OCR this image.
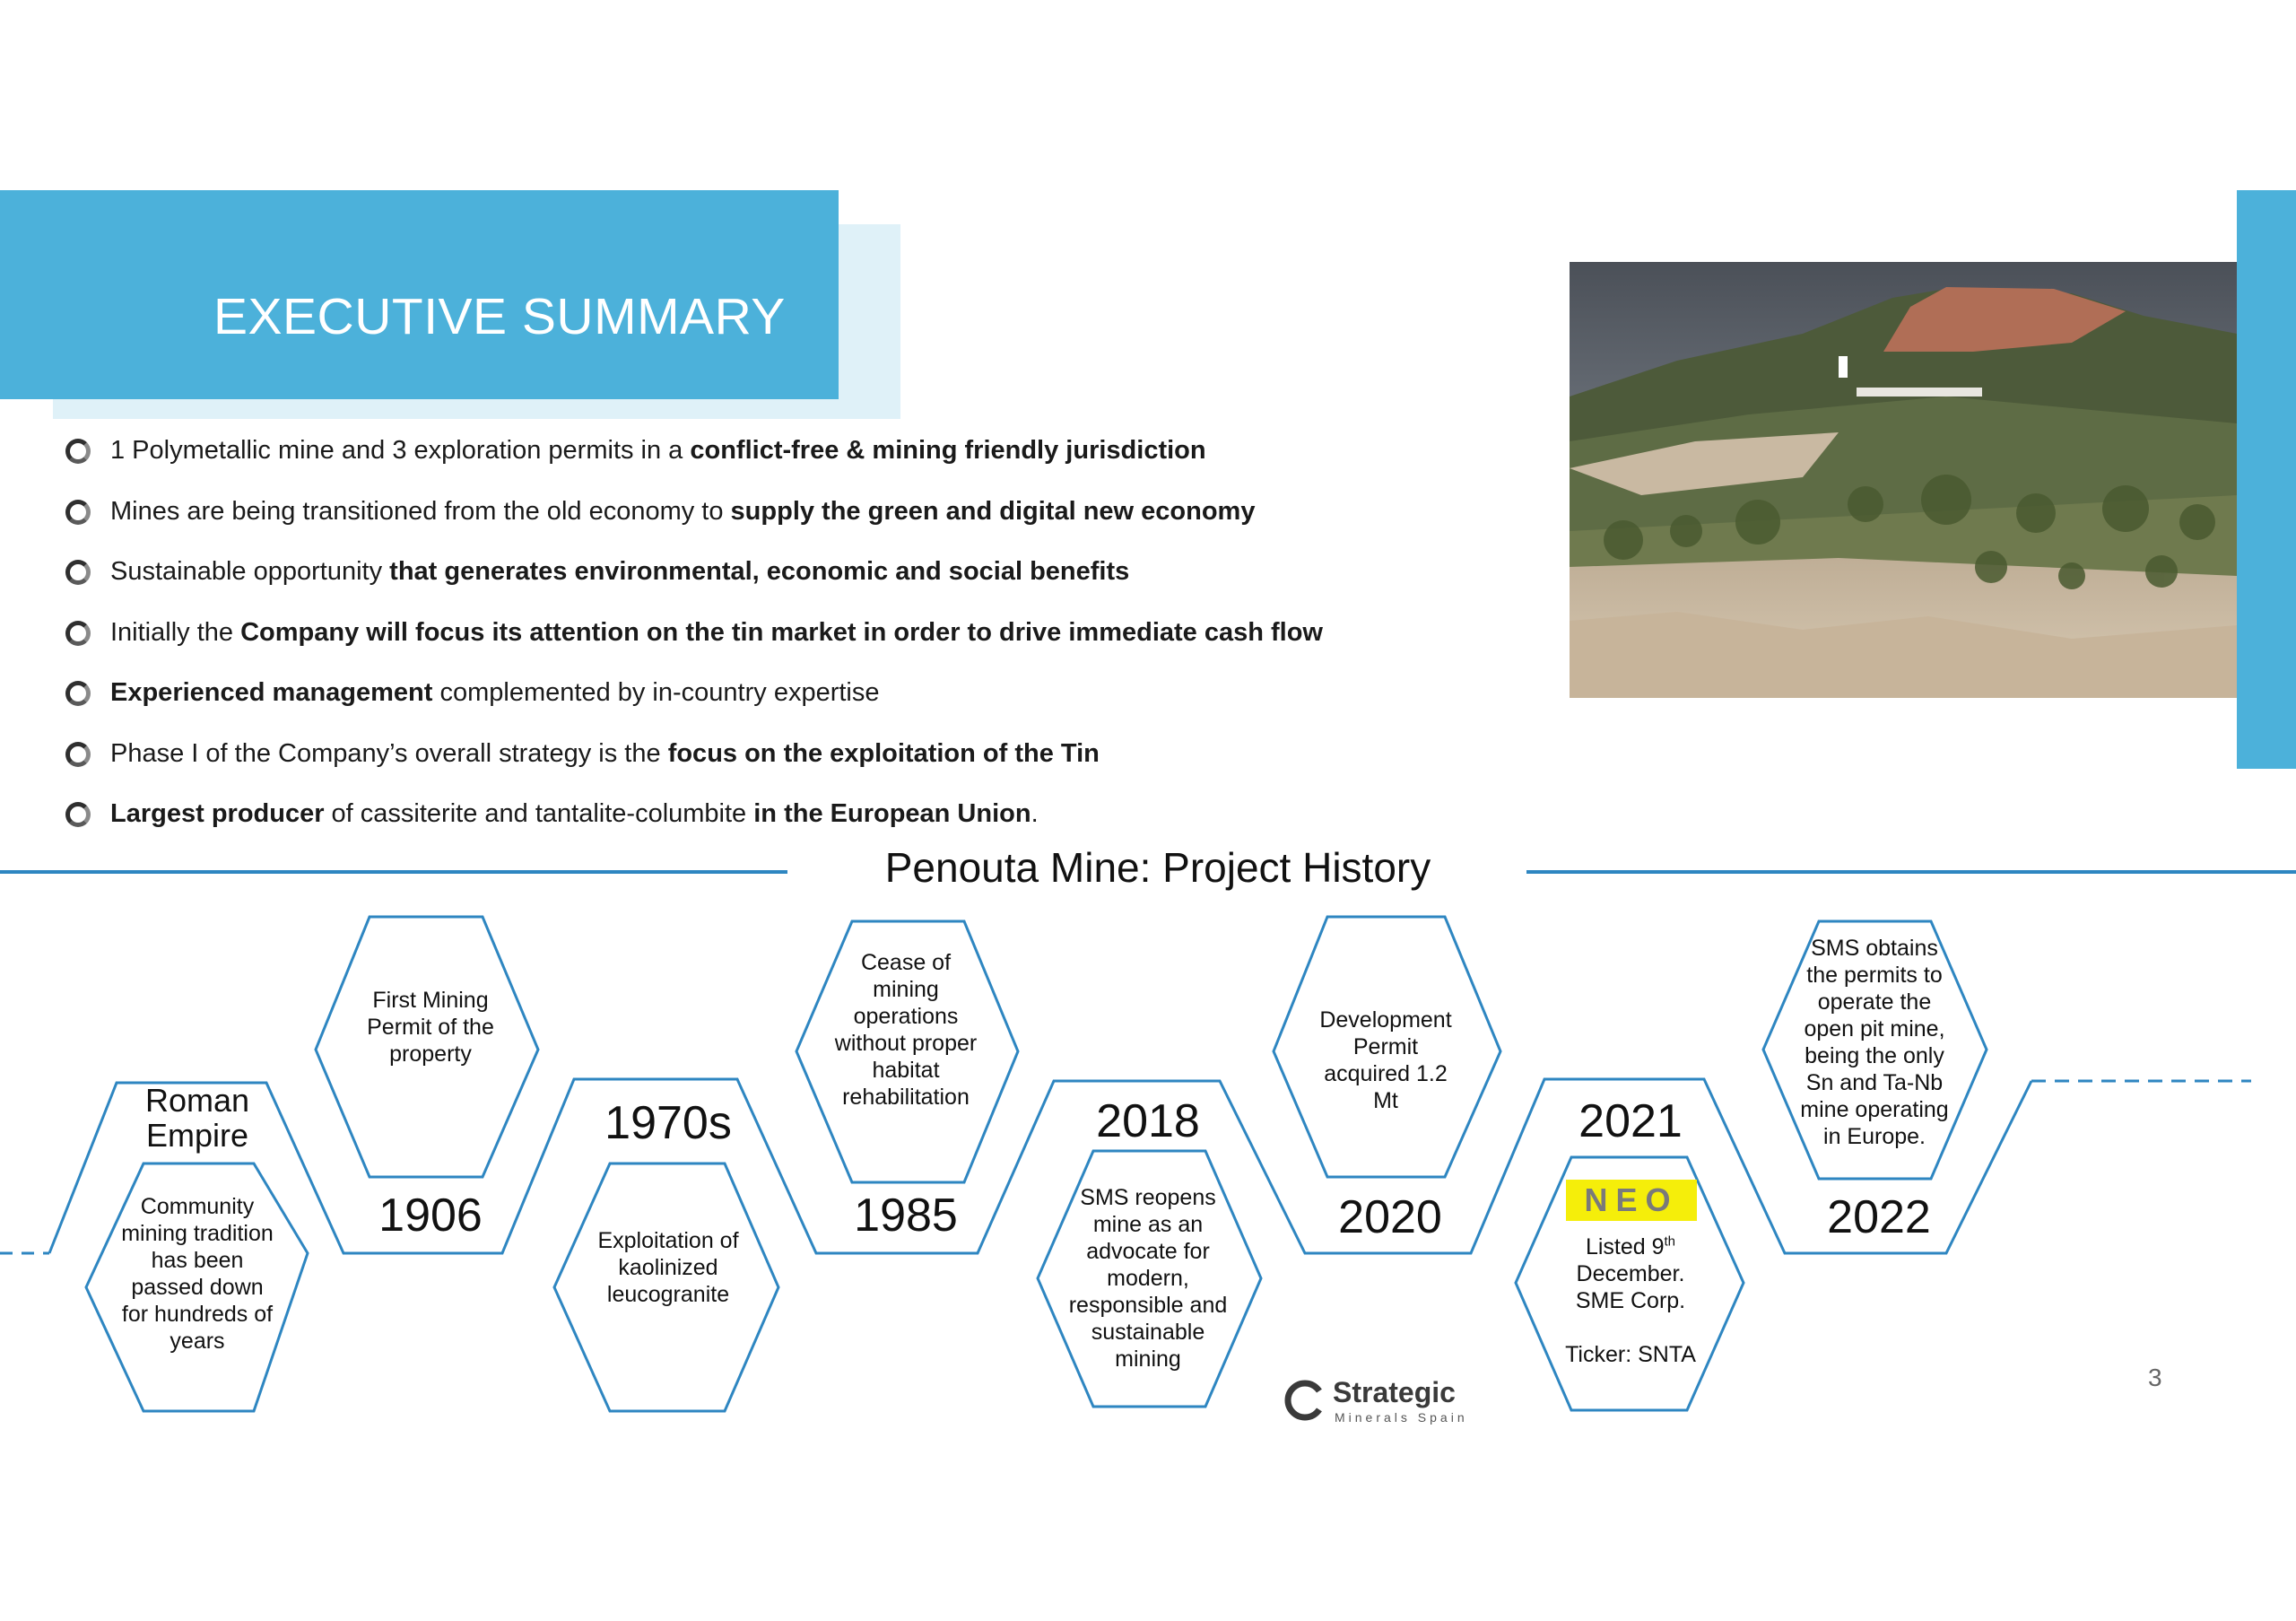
EXECUTIVE SUMMARY
1 Polymetallic mine and 3 exploration permits in a conflict-free & mining friendly jurisdiction
Mines are being transitioned from the old economy to supply the green and digital new economy
Sustainable opportunity that generates environmental, economic and social benefits
Initially the Company will focus its attention on the tin market in order to drive immediate cash flow
Experienced management complemented by in-country expertise
Phase I of the Company’s overall strategy is the focus on the exploitation of the Tin
Largest producer of cassiterite and tantalite-columbite in the European Union.
Penouta Mine: Project History
Roman Empire
Community mining tradition has been passed down for hundreds of years
First Mining Permit of the property
1906
1970s
Exploitation of kaolinized leucogranite
Cease of mining operations without proper habitat rehabilitation
1985
2018
SMS reopens mine as an advocate for modern, responsible and sustainable mining
Development Permit acquired 1.2 Mt
2020
2021
NEO
Listed 9th
December.
SME Corp.
Ticker: SNTA
SMS obtains the permits to operate the open pit mine, being the only Sn and Ta-Nb mine operating in Europe.
2022
Strategic
Minerals Spain
3
